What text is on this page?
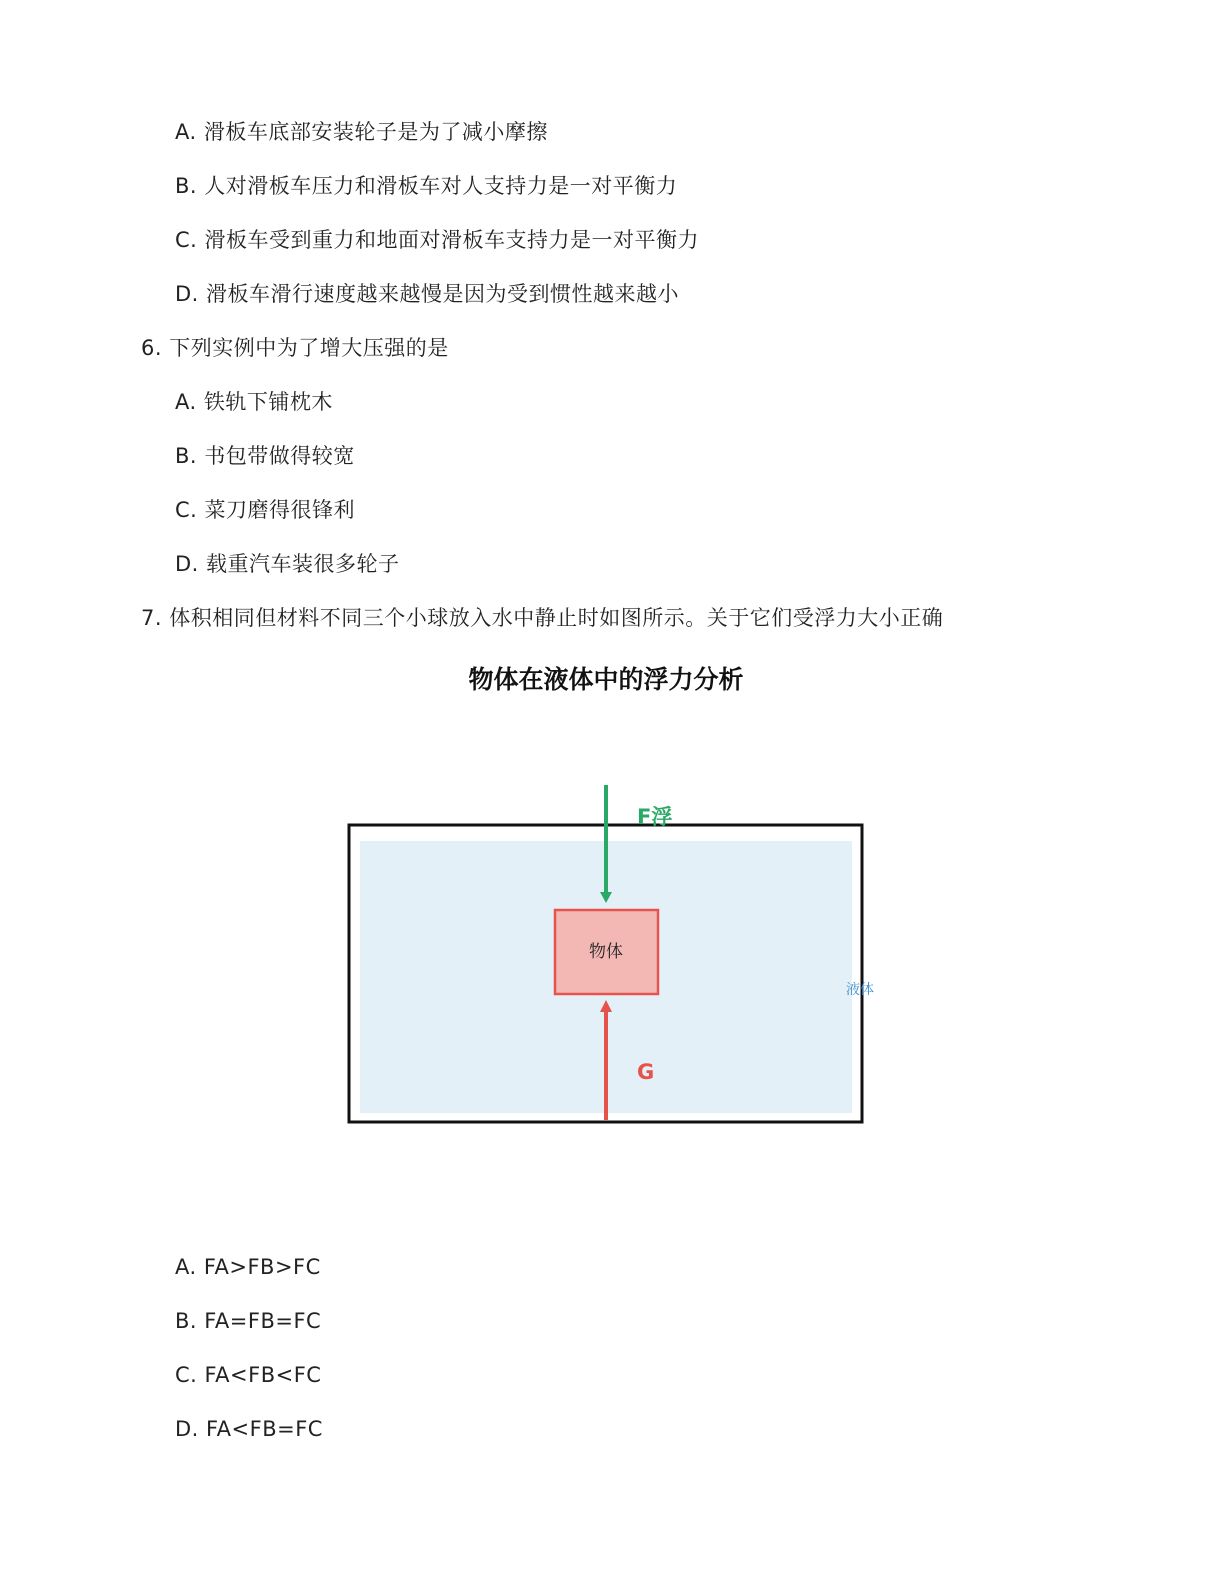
A. 滑板车底部安装轮子是为了减小摩擦
B. 人对滑板车压力和滑板车对人支持力是一对平衡力
C. 滑板车受到重力和地面对滑板车支持力是一对平衡力
D. 滑板车滑行速度越来越慢是因为受到惯性越来越小
6. 下列实例中为了增大压强的是
A. 铁轨下铺枕木
B. 书包带做得较宽
C. 菜刀磨得很锋利
D. 载重汽车装很多轮子
7. 体积相同但材料不同三个小球放入水中静止时如图所示。关于它们受浮力大小正确
物体在液体中的浮力分析
物体
F浮
G
液体
A. FA>FB>FC
B. FA=FB=FC
C. FA<FB<FC
D. FA<FB=FC
